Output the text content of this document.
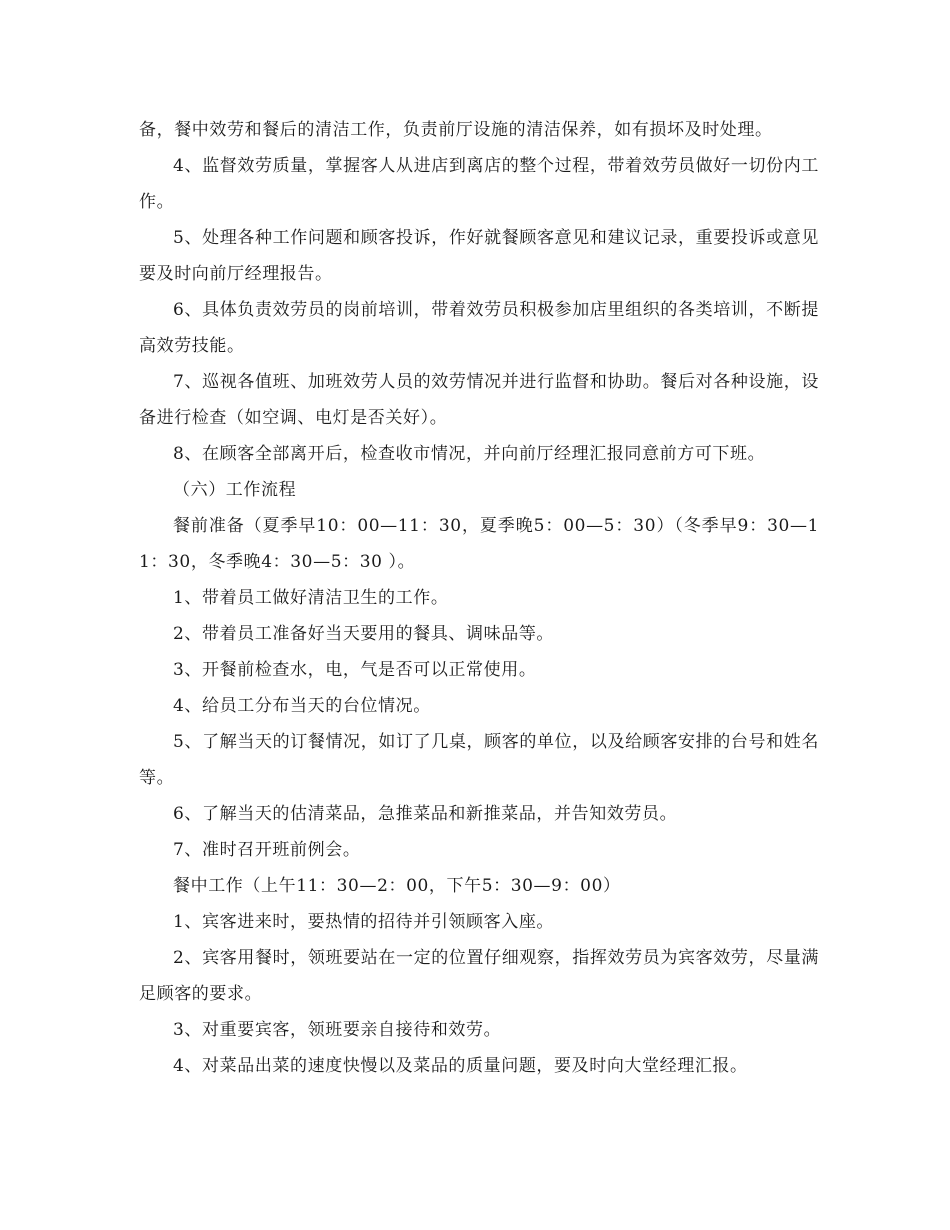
备，餐中效劳和餐后的清洁工作，负责前厅设施的清洁保养，如有损坏及时处理。

4、监督效劳质量，掌握客人从进店到离店的整个过程，带着效劳员做好一切份内工作。

5、处理各种工作问题和顾客投诉，作好就餐顾客意见和建议记录，重要投诉或意见要及时向前厅经理报告。

6、具体负责效劳员的岗前培训，带着效劳员积极参加店里组织的各类培训，不断提高效劳技能。

7、巡视各值班、加班效劳人员的效劳情况并进行监督和协助。餐后对各种设施，设备进行检查（如空调、电灯是否关好）。

8、在顾客全部离开后，检查收市情况，并向前厅经理汇报同意前方可下班。

（六）工作流程

餐前准备（夏季早10：00—11：30，夏季晚5：00—5：30）（冬季早9：30—11：30，冬季晚4：30—5：30 ）。

1、带着员工做好清洁卫生的工作。

2、带着员工准备好当天要用的餐具、调味品等。

3、开餐前检查水，电，气是否可以正常使用。

4、给员工分布当天的台位情况。

5、了解当天的订餐情况，如订了几桌，顾客的单位，以及给顾客安排的台号和姓名等。

6、了解当天的估清菜品，急推菜品和新推菜品，并告知效劳员。

7、准时召开班前例会。

餐中工作（上午11：30—2：00，下午5：30—9：00）

1、宾客进来时，要热情的招待并引领顾客入座。

2、宾客用餐时，领班要站在一定的位置仔细观察，指挥效劳员为宾客效劳，尽量满足顾客的要求。

3、对重要宾客，领班要亲自接待和效劳。

4、对菜品出菜的速度快慢以及菜品的质量问题，要及时向大堂经理汇报。
